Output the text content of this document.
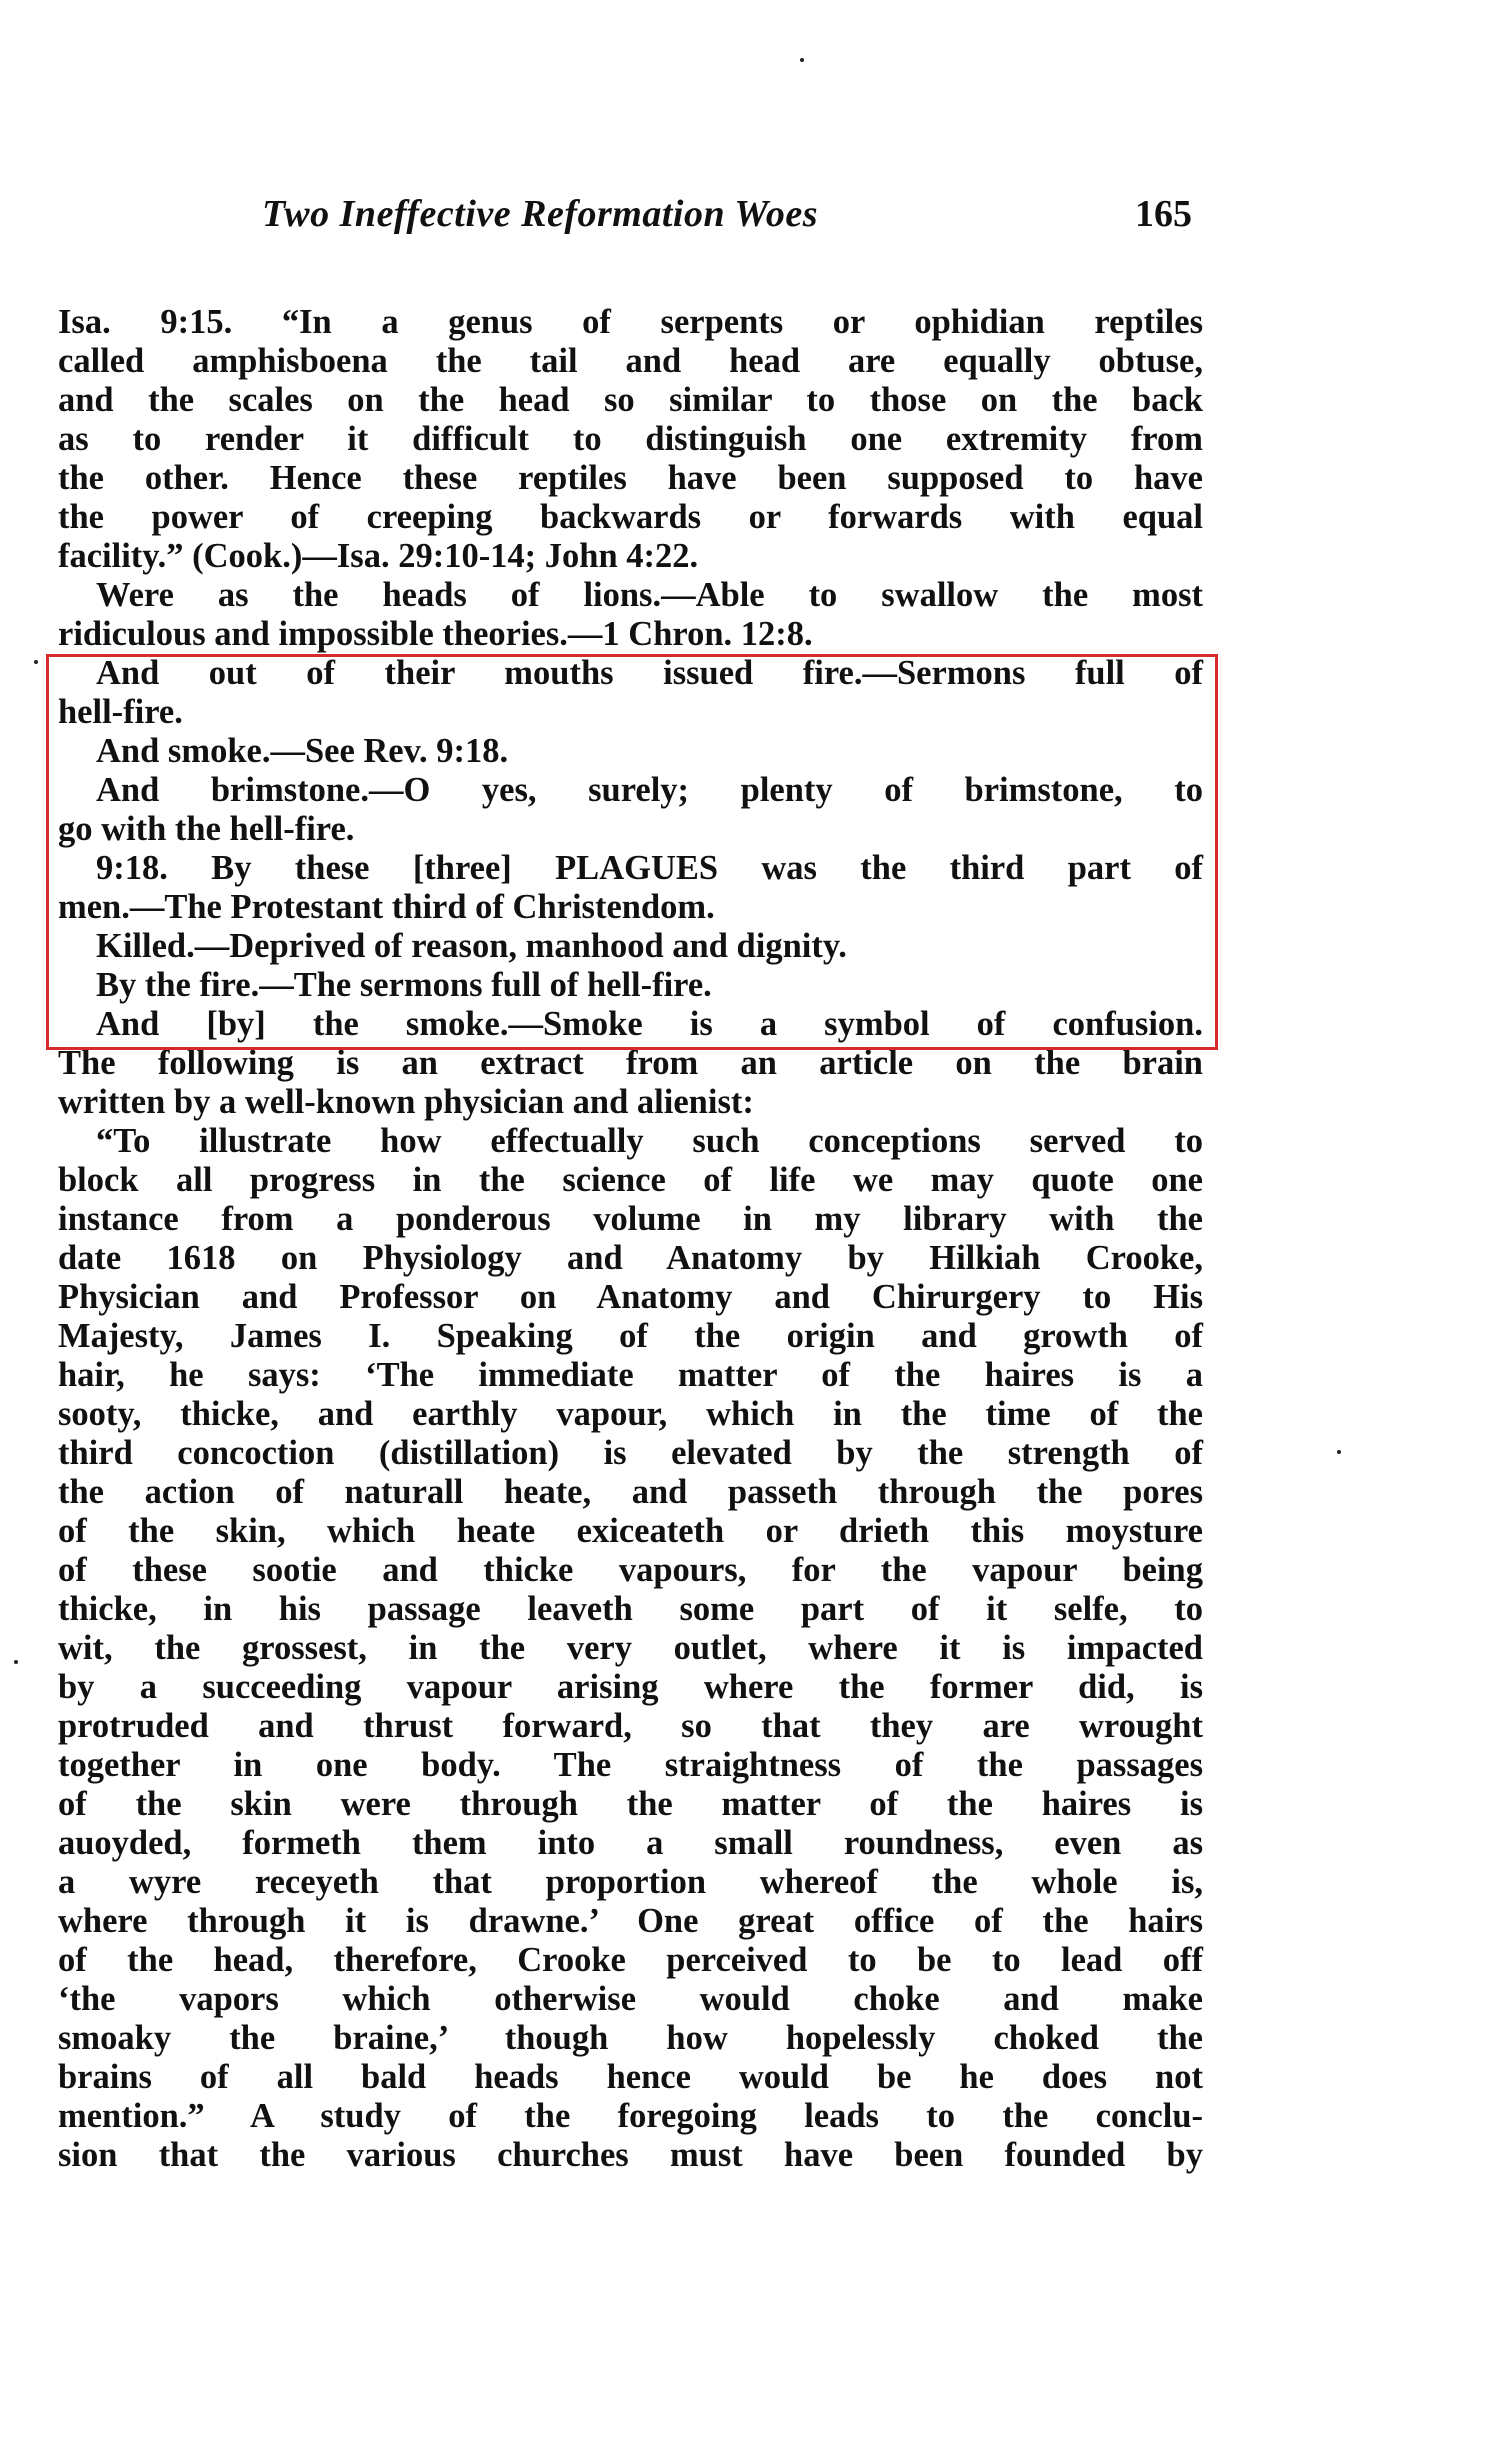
Two Ineffective Reformation Woes	165
Isa. 9:15. “In a genus of serpents or ophidian reptiles
called amphisboena the tail and head are equally obtuse,
and the scales on the head so similar to those on the back
as to render it difficult to distinguish one extremity from
the other. Hence these reptiles have been supposed to have
the power of creeping backwards or forwards with equal
facility.” (Cook.)—Isa. 29:10-14; John 4:22.
Were as the heads of lions.—Able to swallow the most
ridiculous and impossible theories.—1 Chron. 12:8.
And out of their mouths issued fire.—Sermons full of
hell-fire.
And smoke.—See Rev. 9:18.
And brimstone.—O yes, surely; plenty of brimstone, to
go with the hell-fire.
9:18. By these [three] PLAGUES was the third part of
men.—The Protestant third of Christendom.
Killed.—Deprived of reason, manhood and dignity.
By the fire.—The sermons full of hell-fire.
And [by] the smoke.—Smoke is a symbol of confusion.
The following is an extract from an article on the brain
written by a well-known physician and alienist:
“To illustrate how effectually such conceptions served to
block all progress in the science of life we may quote one
instance from a ponderous volume in my library with the
date 1618 on Physiology and Anatomy by Hilkiah Crooke,
Physician and Professor on Anatomy and Chirurgery to His
Majesty, James I. Speaking of the origin and growth of
hair, he says: ‘The immediate matter of the haires is a
sooty, thicke, and earthly vapour, which in the time of the
third concoction (distillation) is elevated by the strength of
the action of naturall heate, and passeth through the pores
of the skin, which heate exiceateth or drieth this moysture
of these sootie and thicke vapours, for the vapour being
thicke, in his passage leaveth some part of it selfe, to
wit, the grossest, in the very outlet, where it is impacted
by a succeeding vapour arising where the former did, is
protruded and thrust forward, so that they are wrought
together in one body. The straightness of the passages
of the skin were through the matter of the haires is
auoyded, formeth them into a small roundness, even as
a wyre receyeth that proportion whereof the whole is,
where through it is drawne.’ One great office of the hairs
of the head, therefore, Crooke perceived to be to lead off
‘the vapors which otherwise would choke and make
smoaky the braine,’ though how hopelessly choked the
brains of all bald heads hence would be he does not
mention.” A study of the foregoing leads to the conclu-
sion that the various churches must have been founded by
